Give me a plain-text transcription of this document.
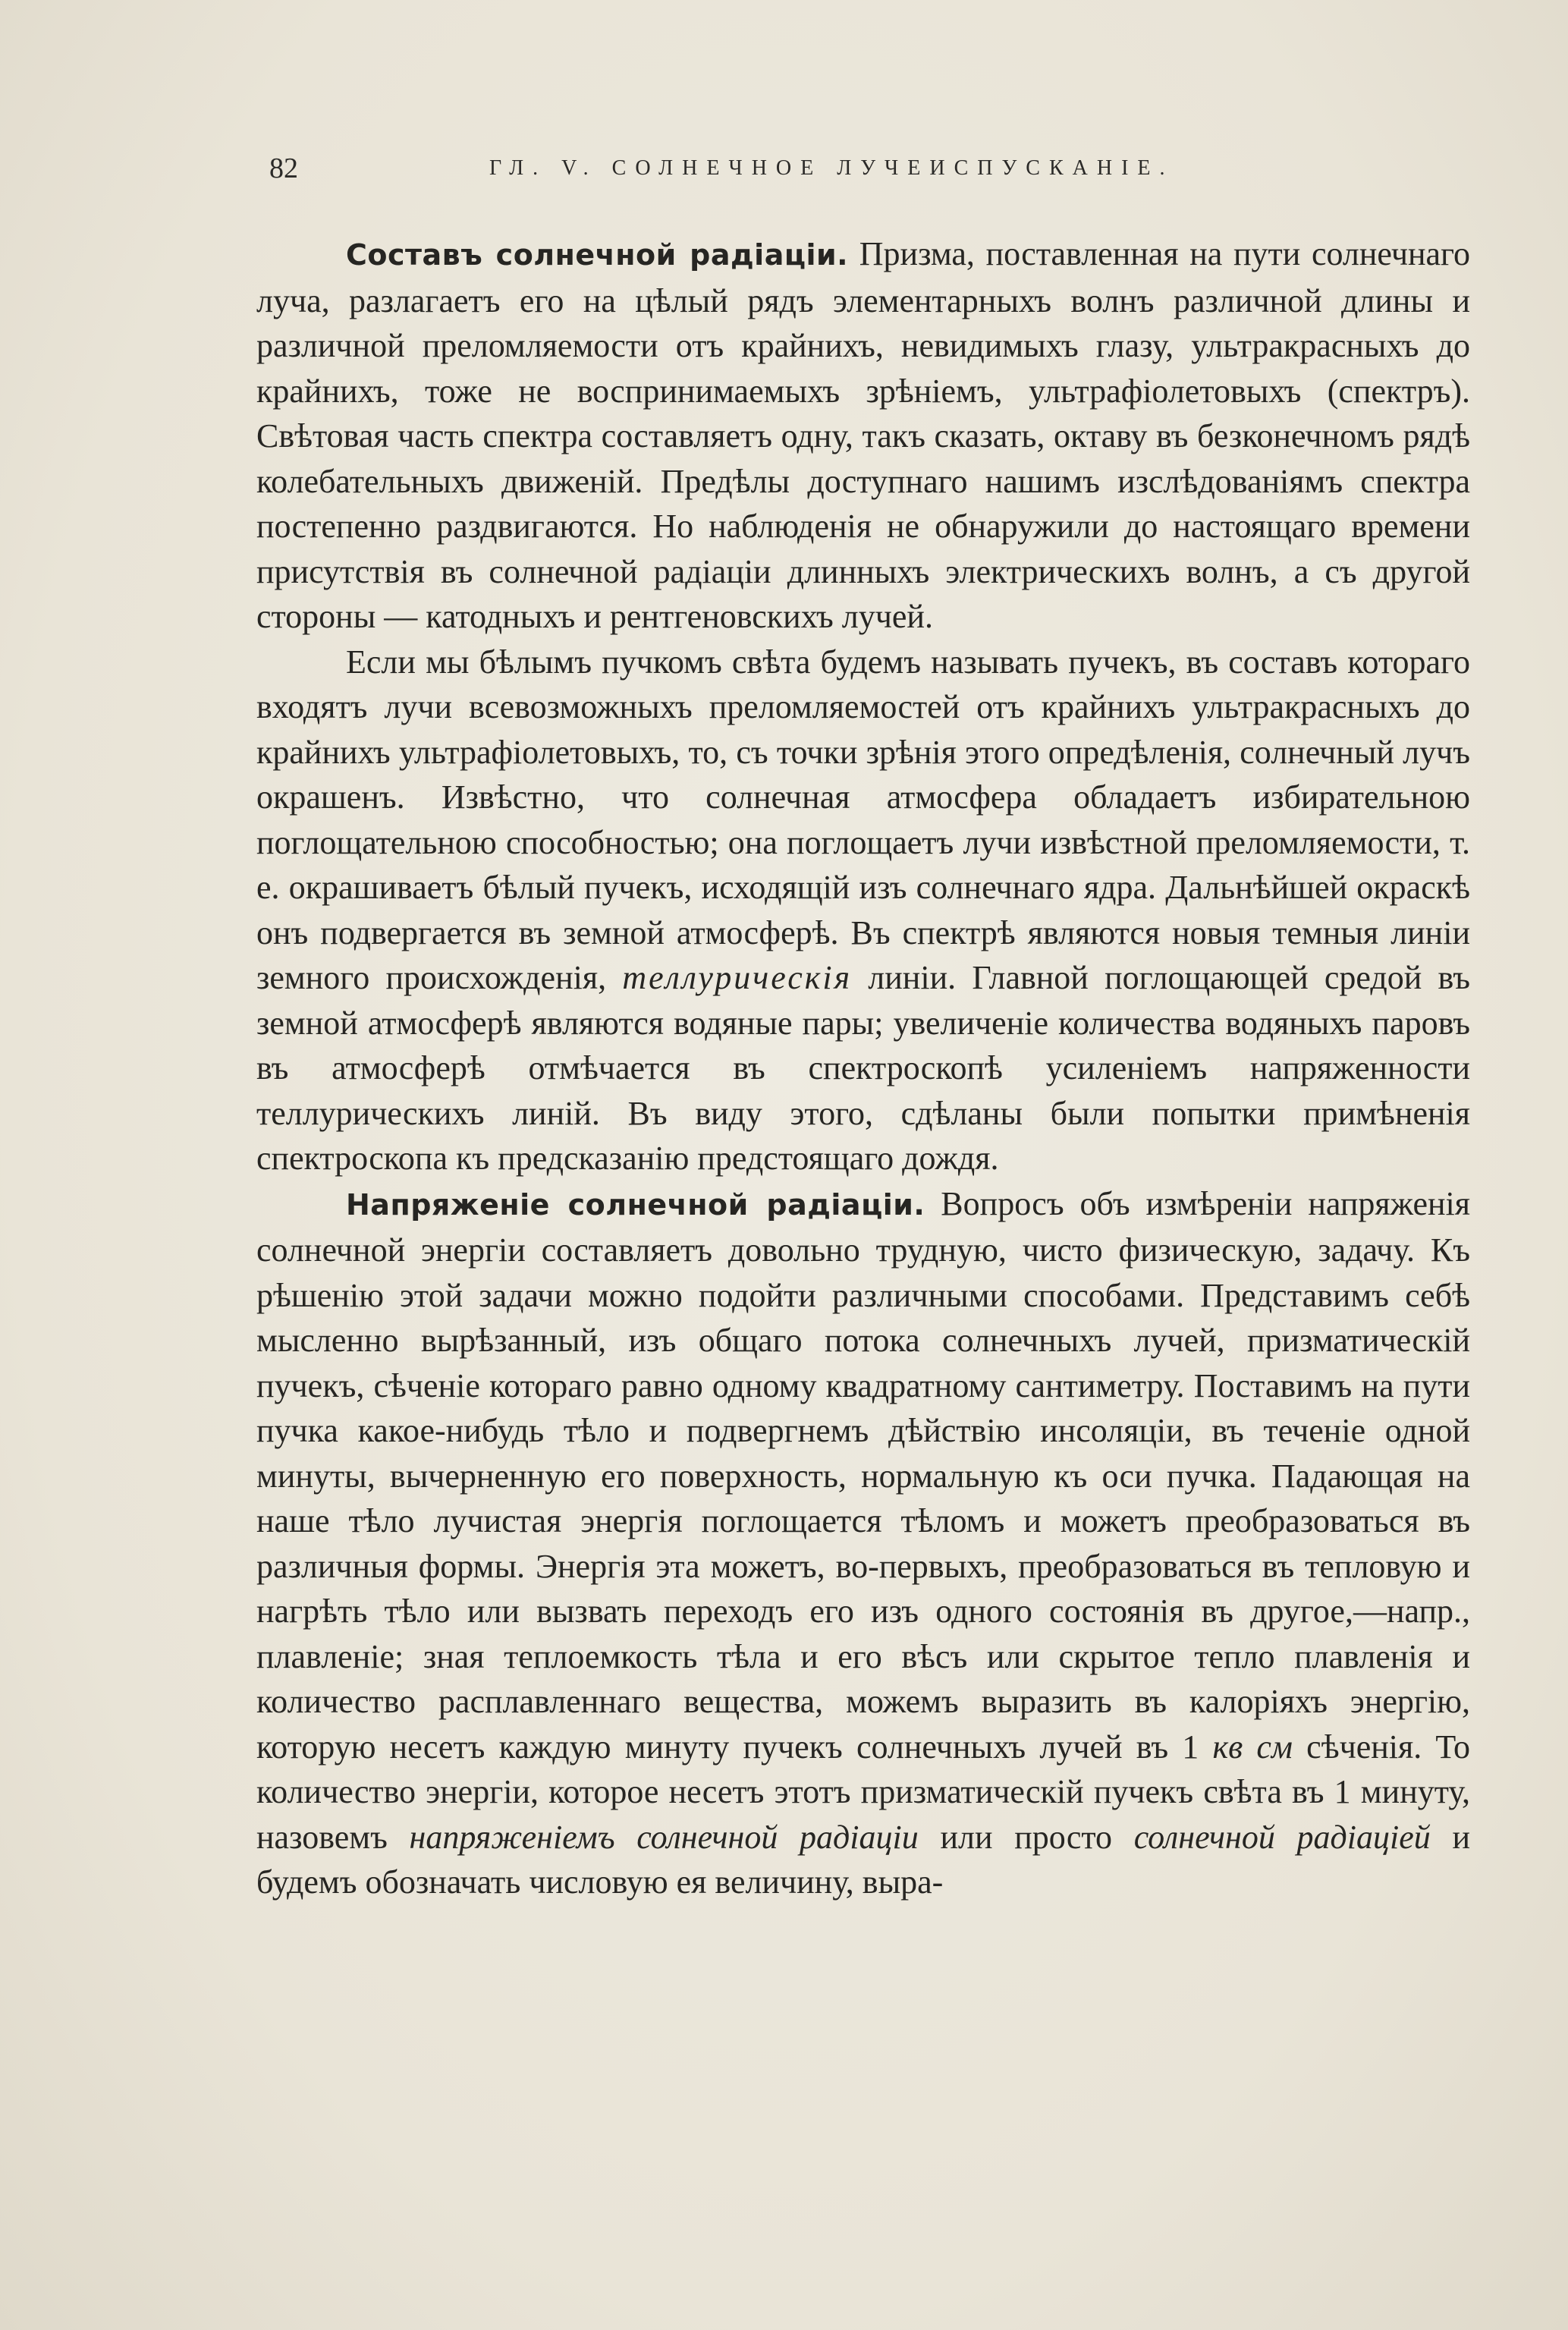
82	ГЛ. V. СОЛНЕЧНОЕ ЛУЧЕИСПУСКАНІЕ.

Составъ солнечной радіаціи. Призма, поставленная на пути солнечнаго луча, разлагаетъ его на цѣлый рядъ элементарныхъ волнъ различной длины и различной преломляемости отъ крайнихъ, невидимыхъ глазу, ультракрасныхъ до крайнихъ, тоже не воспринимаемыхъ зрѣніемъ, ультрафіолетовыхъ (спектръ). Свѣтовая часть спектра составляетъ одну, такъ сказать, октаву въ безконечномъ рядѣ колебательныхъ движеній. Предѣлы доступнаго нашимъ изслѣдованіямъ спектра постепенно раздвигаются. Но наблюденія не обнаружили до настоящаго времени присутствія въ солнечной радіаціи длинныхъ электрическихъ волнъ, а съ другой стороны — катодныхъ и рентгеновскихъ лучей.

Если мы бѣлымъ пучкомъ свѣта будемъ называть пучекъ, въ составъ котораго входятъ лучи всевозможныхъ преломляемостей отъ крайнихъ ультракрасныхъ до крайнихъ ультрафіолетовыхъ, то, съ точки зрѣнія этого опредѣленія, солнечный лучъ окрашенъ. Извѣстно, что солнечная атмосфера обладаетъ избирательною поглощательною способностью; она поглощаетъ лучи извѣстной преломляемости, т. е. окрашиваетъ бѣлый пучекъ, исходящій изъ солнечнаго ядра. Дальнѣйшей окраскѣ онъ подвергается въ земной атмосферѣ. Въ спектрѣ являются новыя темныя линіи земного происхожденія, теллурическія линіи. Главной поглощающей средой въ земной атмосферѣ являются водяные пары; увеличеніе количества водяныхъ паровъ въ атмосферѣ отмѣчается въ спектроскопѣ усиленіемъ напряженности теллурическихъ линій. Въ виду этого, сдѣланы были попытки примѣненія спектроскопа къ предсказанію предстоящаго дождя.

Напряженіе солнечной радіаціи. Вопросъ объ измѣреніи напряженія солнечной энергіи составляетъ довольно трудную, чисто физическую, задачу. Къ рѣшенію этой задачи можно подойти различными способами. Представимъ себѣ мысленно вырѣзанный, изъ общаго потока солнечныхъ лучей, призматическій пучекъ, сѣченіе котораго равно одному квадратному сантиметру. Поставимъ на пути пучка какое-нибудь тѣло и подвергнемъ дѣйствію инсоляціи, въ теченіе одной минуты, вычерненную его поверхность, нормальную къ оси пучка. Падающая на наше тѣло лучистая энергія поглощается тѣломъ и можетъ преобразоваться въ различныя формы. Энергія эта можетъ, во-первыхъ, преобразоваться въ тепловую и нагрѣть тѣло или вызвать переходъ его изъ одного состоянія въ другое,—напр., плавленіе; зная теплоемкость тѣла и его вѣсъ или скрытое тепло плавленія и количество расплавленнаго вещества, можемъ выразить въ калоріяхъ энергію, которую несетъ каждую минуту пучекъ солнечныхъ лучей въ 1 кв см сѣченія. То количество энергіи, которое несетъ этотъ призматическій пучекъ свѣта въ 1 минуту, назовемъ напряженіемъ солнечной радіаціи или просто солнечной радіаціей и будемъ обозначать числовую ея величину, выра-
